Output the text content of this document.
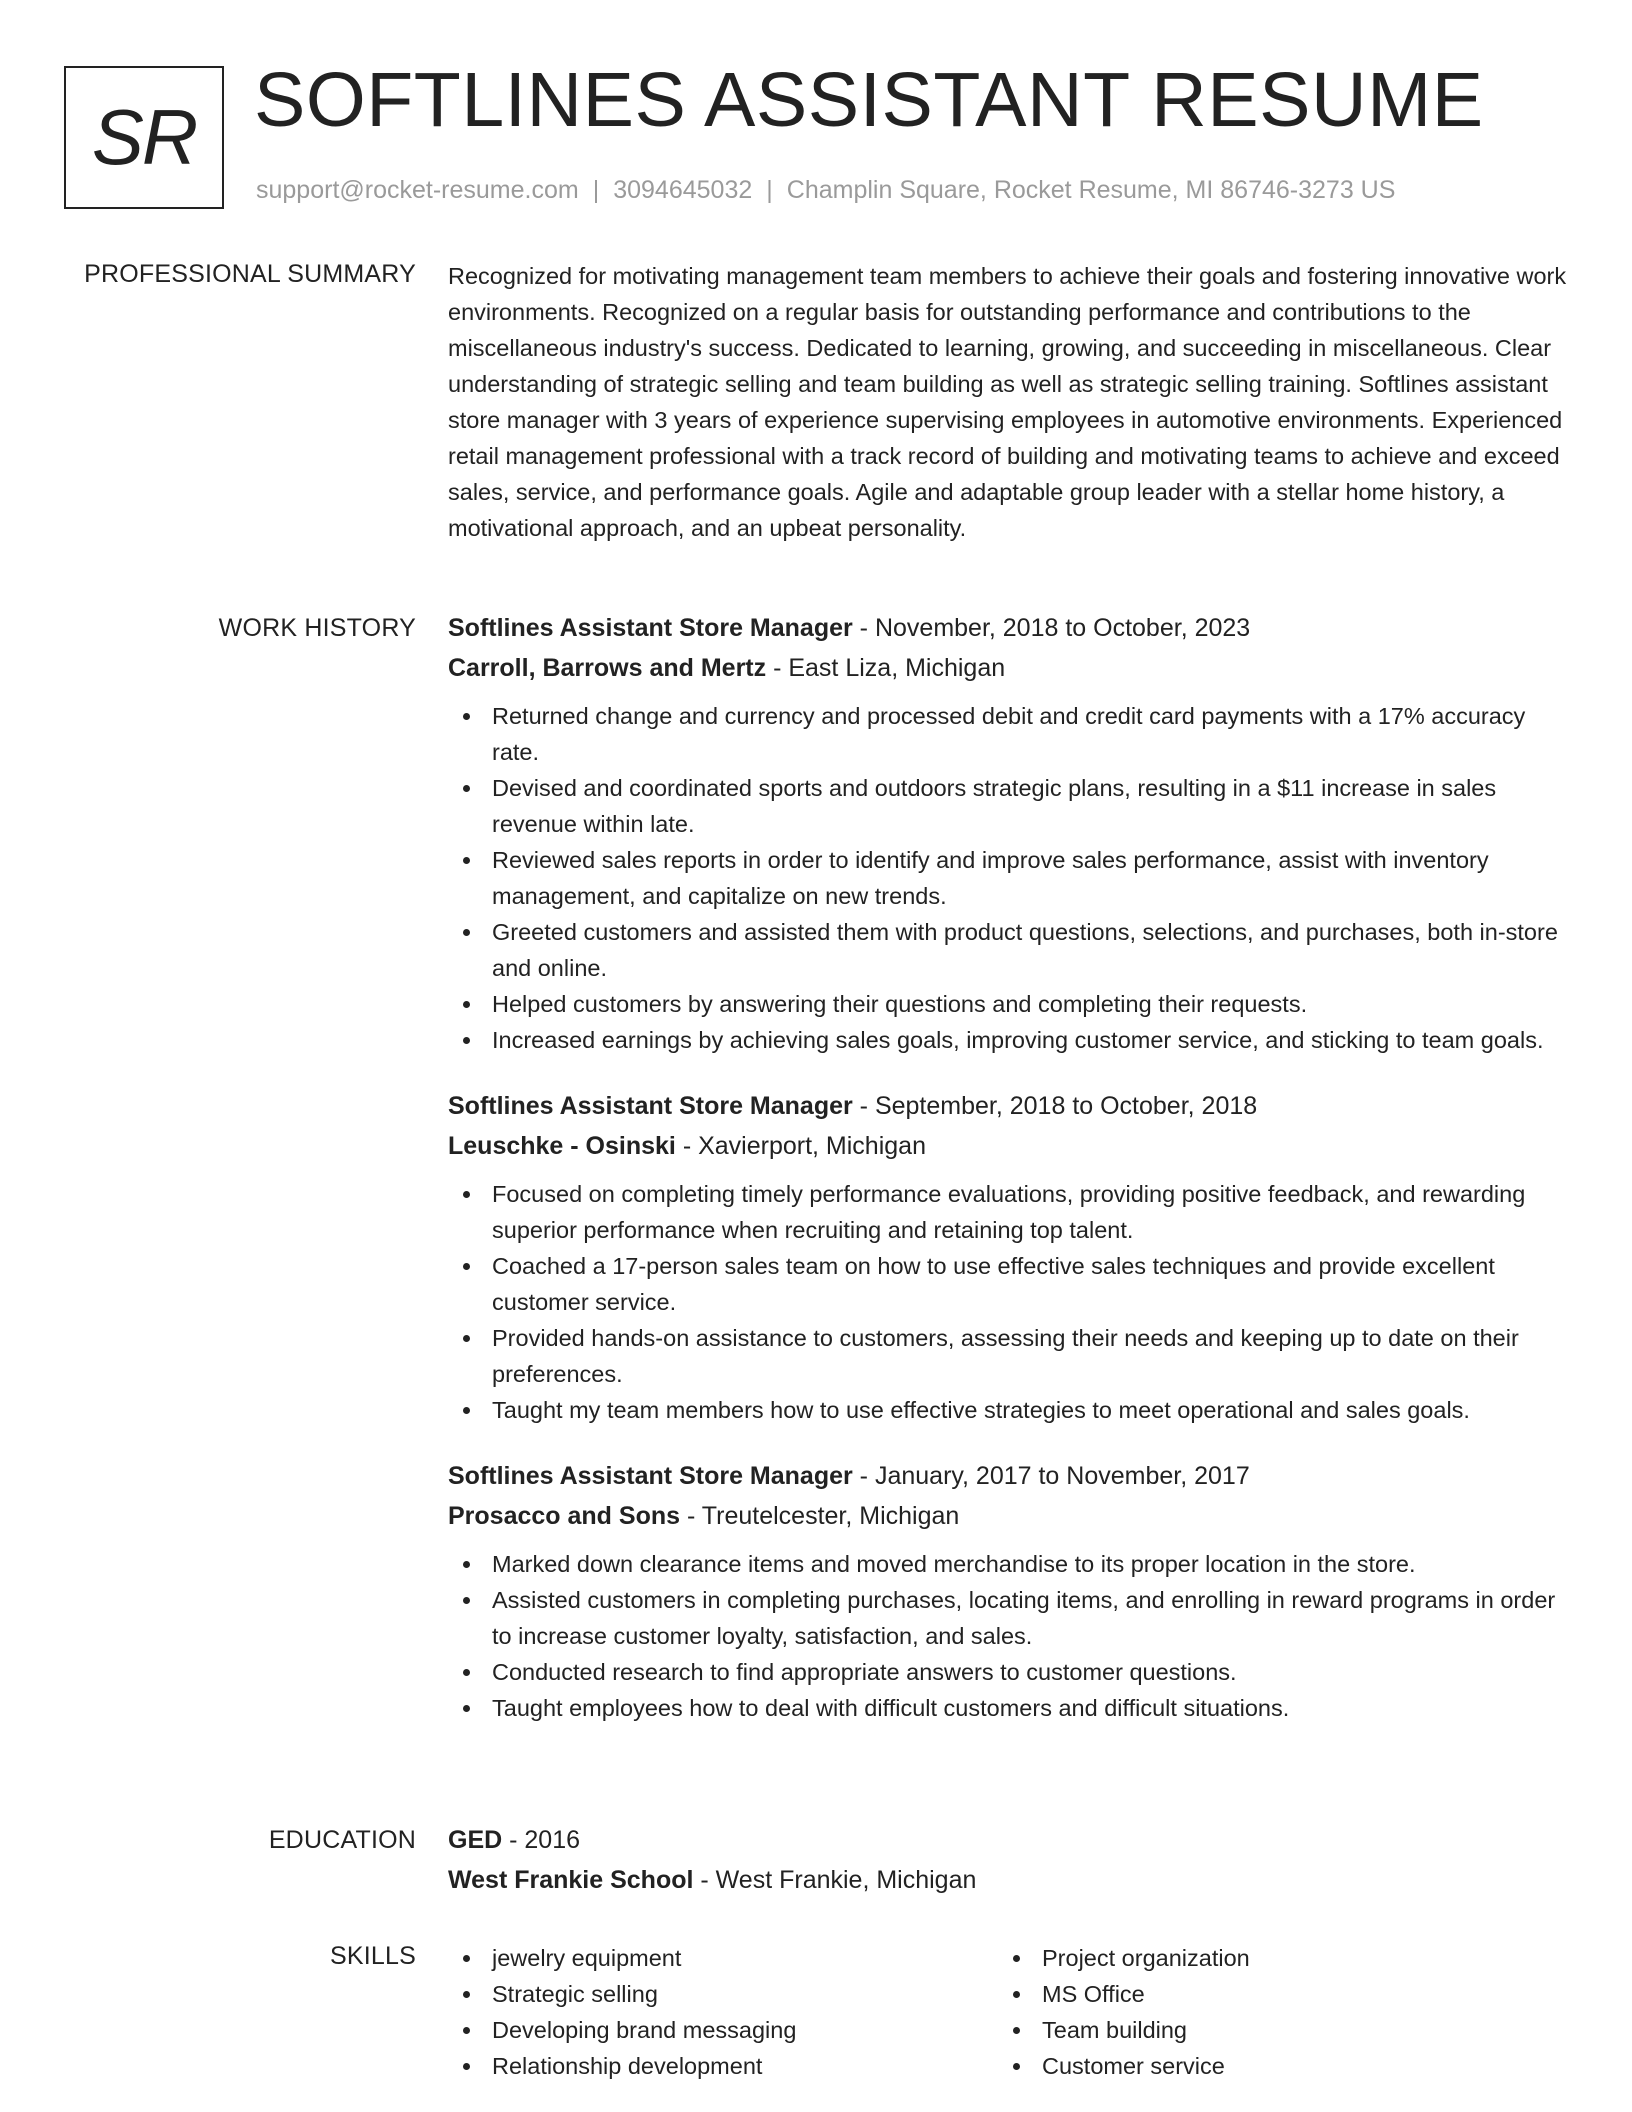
SR SOFTLINES ASSISTANT RESUME
support@rocket-resume.com | 3094645032 | Champlin Square, Rocket Resume, MI 86746-3273 US
PROFESSIONAL SUMMARY Recognized for motivating management team members to achieve their goals and fostering innovative work environments. Recognized on a regular basis for outstanding performance and contributions to the miscellaneous industry's success. Dedicated to learning, growing, and succeeding in miscellaneous. Clear understanding of strategic selling and team building as well as strategic selling training. Softlines assistant store manager with 3 years of experience supervising employees in automotive environments. Experienced retail management professional with a track record of building and motivating teams to achieve and exceed sales, service, and performance goals. Agile and adaptable group leader with a stellar home history, a motivational approach, and an upbeat personality.

WORK HISTORY Softlines Assistant Store Manager - November, 2018 to October, 2023
Carroll, Barrows and Mertz - East Liza, Michigan
Returned change and currency and processed debit and credit card payments with a 17% accuracy rate.
Devised and coordinated sports and outdoors strategic plans, resulting in a $11 increase in sales revenue within late.
Reviewed sales reports in order to identify and improve sales performance, assist with inventory management, and capitalize on new trends.
Greeted customers and assisted them with product questions, selections, and purchases, both in-store and online.
Helped customers by answering their questions and completing their requests.
Increased earnings by achieving sales goals, improving customer service, and sticking to team goals.
Softlines Assistant Store Manager - September, 2018 to October, 2018
Leuschke - Osinski - Xavierport, Michigan
Focused on completing timely performance evaluations, providing positive feedback, and rewarding superior performance when recruiting and retaining top talent.
Coached a 17-person sales team on how to use effective sales techniques and provide excellent customer service.
Provided hands-on assistance to customers, assessing their needs and keeping up to date on their preferences.
Taught my team members how to use effective strategies to meet operational and sales goals.
Softlines Assistant Store Manager - January, 2017 to November, 2017
Prosacco and Sons - Treutelcester, Michigan
Marked down clearance items and moved merchandise to its proper location in the store.
Assisted customers in completing purchases, locating items, and enrolling in reward programs in order to increase customer loyalty, satisfaction, and sales.
Conducted research to find appropriate answers to customer questions.
Taught employees how to deal with difficult customers and difficult situations.
EDUCATION GED - 2016
West Frankie School - West Frankie, Michigan
SKILLS	jewelry equipment
Strategic selling
Developing brand messaging
Relationship development
Project organization
MS Office
Team building
Customer service
